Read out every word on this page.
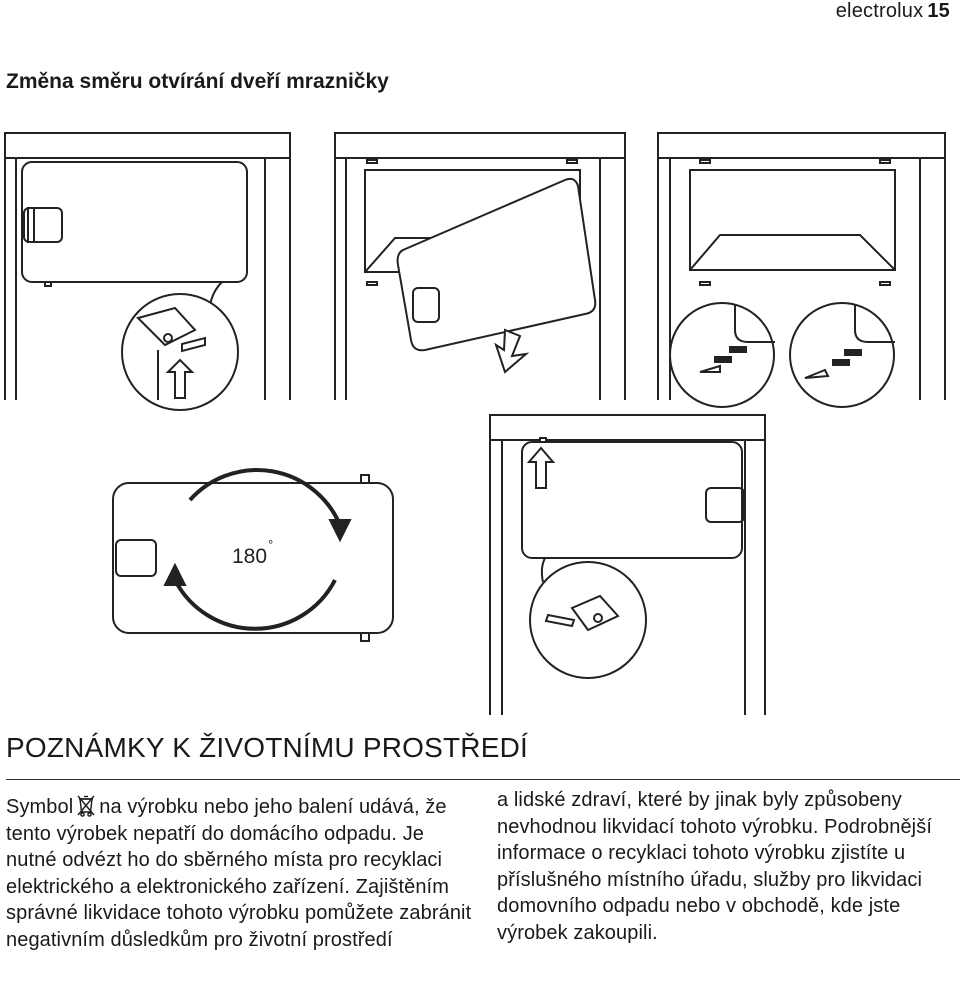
electrolux 15
Změna směru otvírání dveří mrazničky
180
°
POZNÁMKY K ŽIVOTNÍMU PROSTŘEDÍ
Symbol na výrobku nebo jeho balení udává, že tento výrobek nepatří do domácího odpadu. Je nutné odvézt ho do sběrného místa pro recyklaci elektrického a elektronického zařízení. Zajištěním správné likvidace tohoto výrobku pomůžete zabránit negativním důsledkům pro životní prostředí
a lidské zdraví, které by jinak byly způsobeny nevhodnou likvidací tohoto výrobku. Podrobnější informace o recyklaci tohoto výrobku zjistíte u příslušného místního úřadu, služby pro likvidaci domovního odpadu nebo v obchodě, kde jste výrobek zakoupili.
